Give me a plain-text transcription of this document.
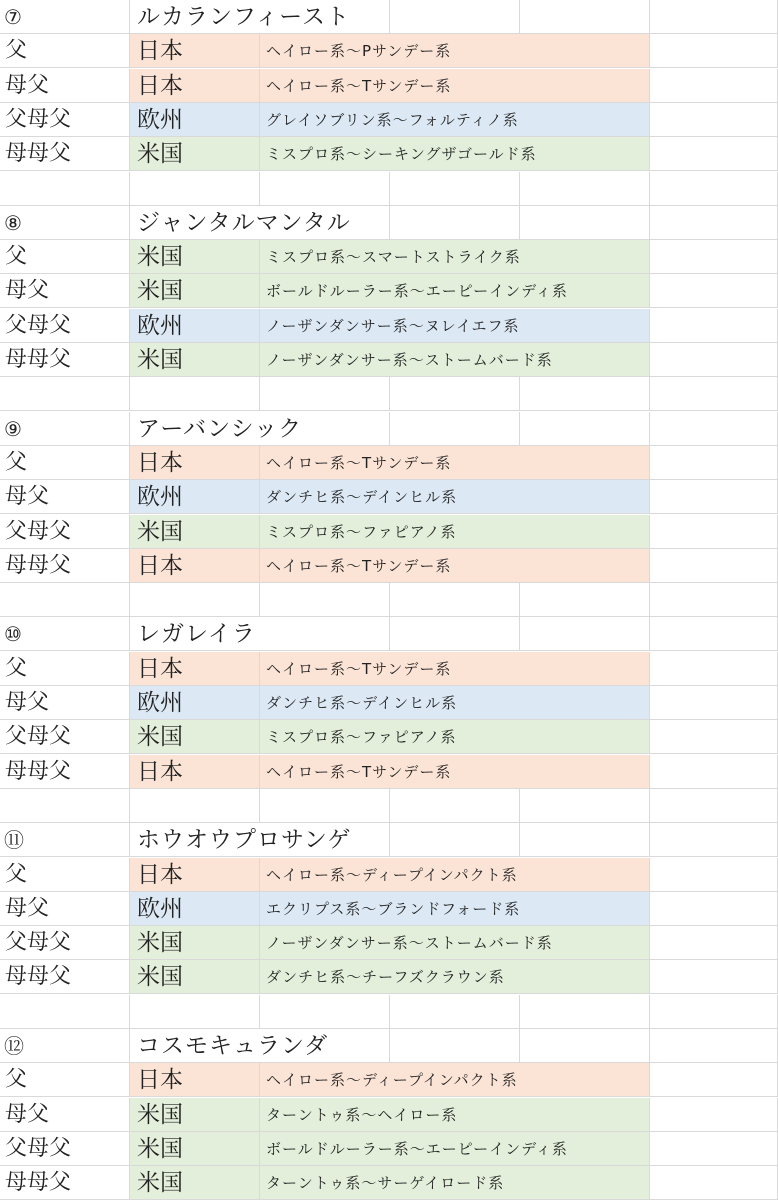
⑦	ルカランフィースト
父	日本	ヘイロー系～Pサンデー系
母父	日本	ヘイロー系～Tサンデー系
父母父	欧州	グレイソブリン系～フォルティノ系
母母父	米国	ミスプロ系～シーキングザゴールド系
⑧	ジャンタルマンタル
父	米国	ミスプロ系～スマートストライク系
母父	米国	ボールドルーラー系～エーピーインディ系
父母父	欧州	ノーザンダンサー系～ヌレイエフ系
母母父	米国	ノーザンダンサー系～ストームバード系
⑨	アーバンシック
父	日本	ヘイロー系～Tサンデー系
母父	欧州	ダンチヒ系～デインヒル系
父母父	米国	ミスプロ系～ファピアノ系
母母父	日本	ヘイロー系～Tサンデー系
⑩	レガレイラ
父	日本	ヘイロー系～Tサンデー系
母父	欧州	ダンチヒ系～デインヒル系
父母父	米国	ミスプロ系～ファピアノ系
母母父	日本	ヘイロー系～Tサンデー系
⑪	ホウオウプロサンゲ
父	日本	ヘイロー系～ディープインパクト系
母父	欧州	エクリプス系～ブランドフォード系
父母父	米国	ノーザンダンサー系～ストームバード系
母母父	米国	ダンチヒ系～チーフズクラウン系
⑫	コスモキュランダ
父	日本	ヘイロー系～ディープインパクト系
母父	米国	ターントゥ系～ヘイロー系
父母父	米国	ボールドルーラー系～エーピーインディ系
母母父	米国	ターントゥ系～サーゲイロード系
